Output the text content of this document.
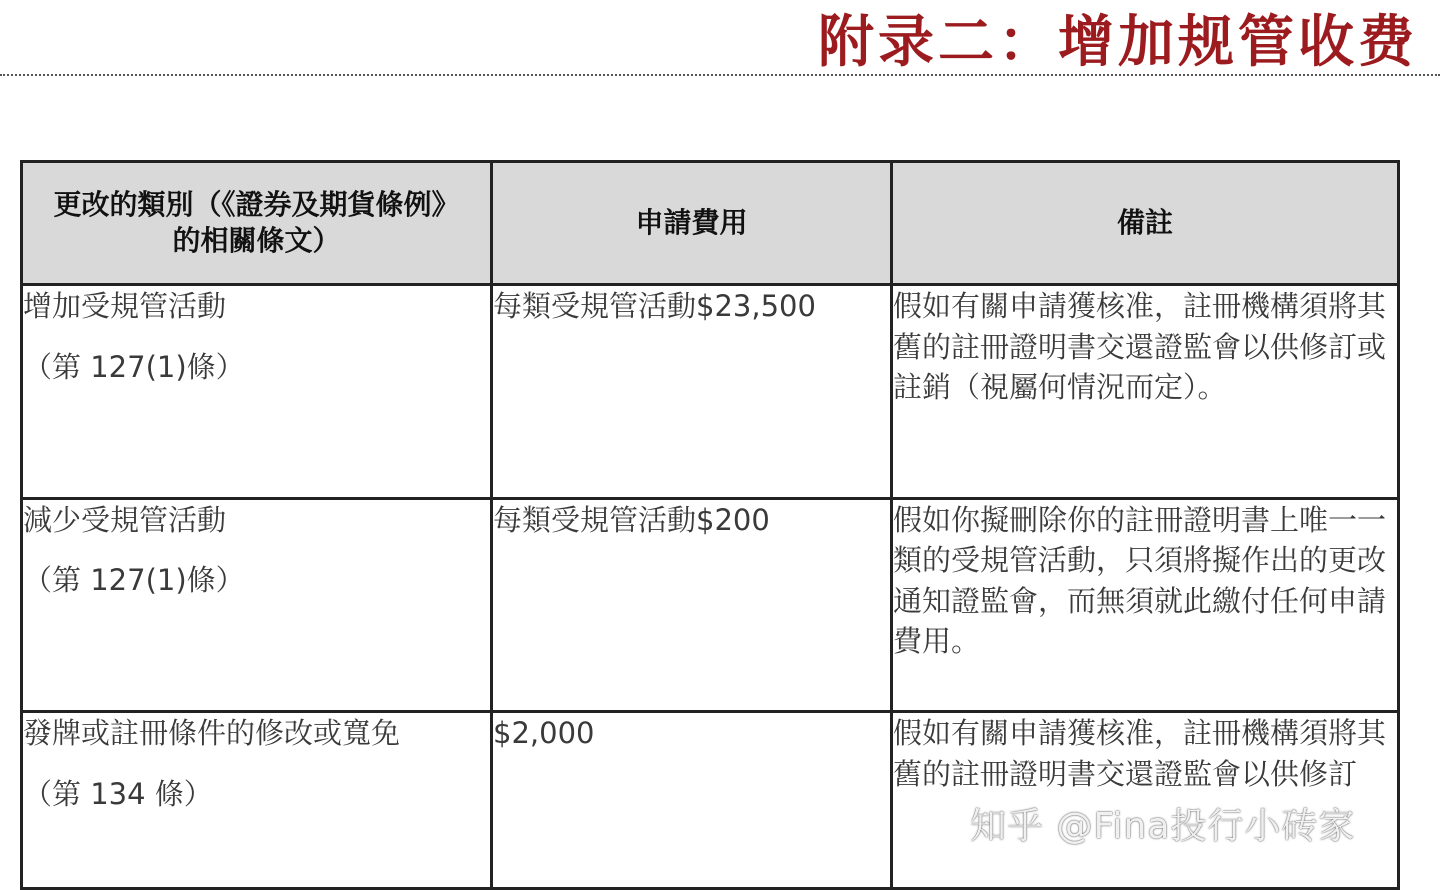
附录二：增加规管收费
更改的類別（《證券及期貨條例》的相關條文）	申請費用	備註

增加受規管活動
（第 127(1)條）	每類受規管活動$23,500	假如有關申請獲核准，註冊機構須將其舊的註冊證明書交還證監會以供修訂或註銷（視屬何情況而定）。

減少受規管活動
（第 127(1)條）	每類受規管活動$200	假如你擬刪除你的註冊證明書上唯一一類的受規管活動，只須將擬作出的更改通知證監會，而無須就此繳付任何申請費用。

發牌或註冊條件的修改或寬免
（第 134 條）	$2,000	假如有關申請獲核准，註冊機構須將其舊的註冊證明書交還證監會以供修訂
知乎 @Fina投行小砖家
